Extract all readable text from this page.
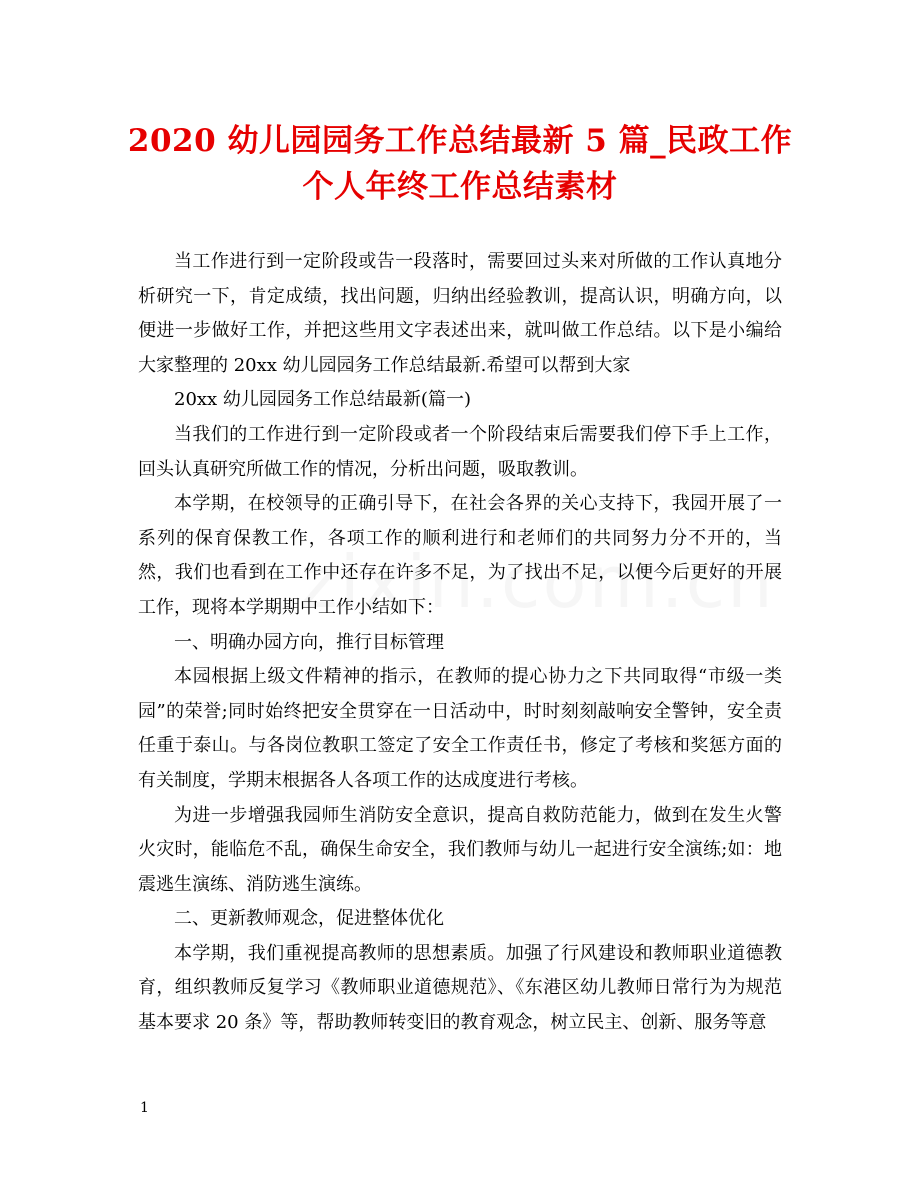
2020 幼儿园园务工作总结最新 5 篇_民政工作个人年终工作总结素材

当工作进行到一定阶段或告一段落时，需要回过头来对所做的工作认真地分析研究一下，肯定成绩，找出问题，归纳出经验教训，提高认识，明确方向，以便进一步做好工作，并把这些用文字表述出来，就叫做工作总结。以下是小编给大家整理的 20xx 幼儿园园务工作总结最新.希望可以帮到大家

20xx 幼儿园园务工作总结最新(篇一)

当我们的工作进行到一定阶段或者一个阶段结束后需要我们停下手上工作，回头认真研究所做工作的情况，分析出问题，吸取教训。

本学期，在校领导的正确引导下，在社会各界的关心支持下，我园开展了一系列的保育保教工作，各项工作的顺利进行和老师们的共同努力分不开的，当然，我们也看到在工作中还存在许多不足，为了找出不足，以便今后更好的开展工作，现将本学期期中工作小结如下：

一、明确办园方向，推行目标管理

本园根据上级文件精神的指示，在教师的提心协力之下共同取得“市级一类园”的荣誉;同时始终把安全贯穿在一日活动中，时时刻刻敲响安全警钟，安全责任重于泰山。与各岗位教职工签定了安全工作责任书，修定了考核和奖惩方面的有关制度，学期末根据各人各项工作的达成度进行考核。

为进一步增强我园师生消防安全意识，提高自救防范能力，做到在发生火警火灾时，能临危不乱，确保生命安全，我们教师与幼儿一起进行安全演练;如：地震逃生演练、消防逃生演练。

二、更新教师观念，促进整体优化

本学期，我们重视提高教师的思想素质。加强了行风建设和教师职业道德教育，组织教师反复学习《教师职业道德规范》、《东港区幼儿教师日常行为为规范基本要求 20 条》等，帮助教师转变旧的教育观念，树立民主、创新、服务等意

1
